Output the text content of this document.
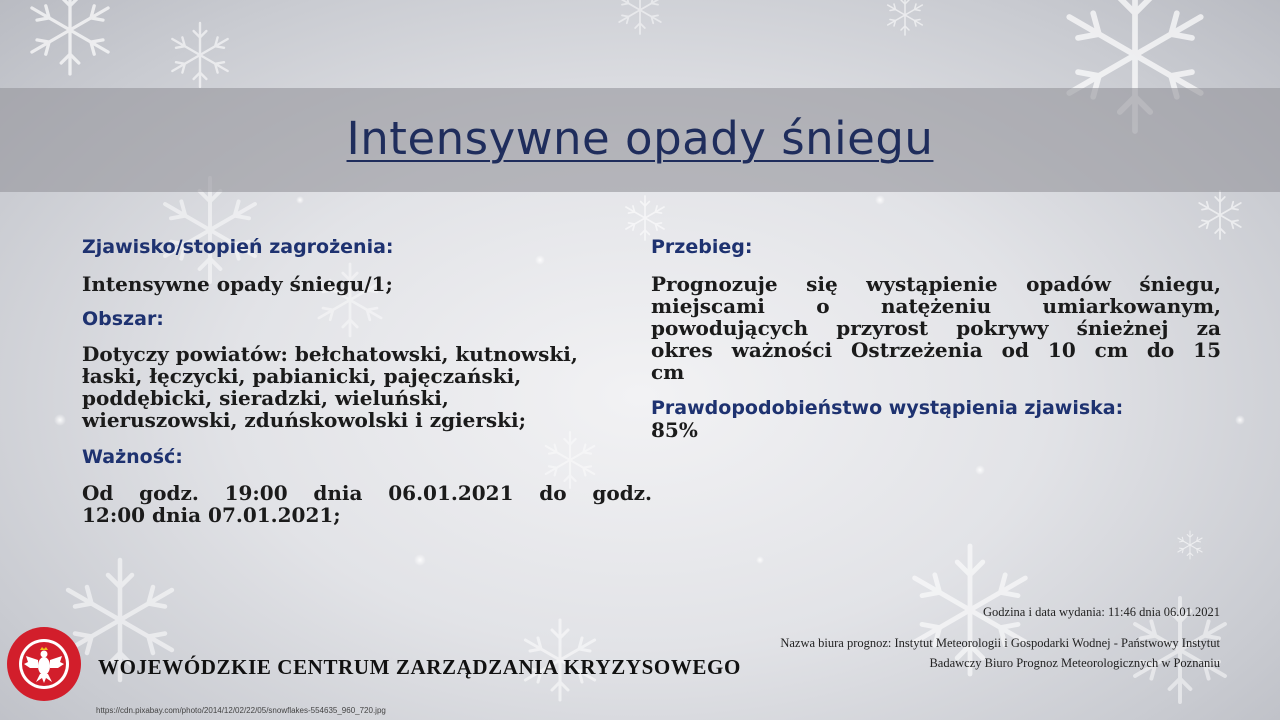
Intensywne opady śniegu
Zjawisko/stopień zagrożenia:
Intensywne opady śniegu/1;
Obszar:
Dotyczy powiatów: bełchatowski, kutnowski,
łaski, łęczycki, pabianicki, pajęczański,
poddębicki, sieradzki, wieluński,
wieruszowski, zduńskowolski i zgierski;
Ważność:
Od godz. 19:00 dnia 06.01.2021 do godz.
12:00 dnia 07.01.2021;
Przebieg:
Prognozuje się wystąpienie opadów śniegu,
miejscami o natężeniu umiarkowanym,
powodujących przyrost pokrywy śnieżnej za
okres ważności Ostrzeżenia od 10 cm do 15
cm
Prawdopodobieństwo wystąpienia zjawiska:
85%
Godzina i data wydania: 11:46 dnia 06.01.2021
Nazwa biura prognoz: Instytut Meteorologii i Gospodarki Wodnej - Państwowy Instytut
Badawczy Biuro Prognoz Meteorologicznych w Poznaniu
WOJEWÓDZKIE CENTRUM ZARZĄDZANIA KRYZYSOWEGO
https://cdn.pixabay.com/photo/2014/12/02/22/05/snowflakes-554635_960_720.jpg
